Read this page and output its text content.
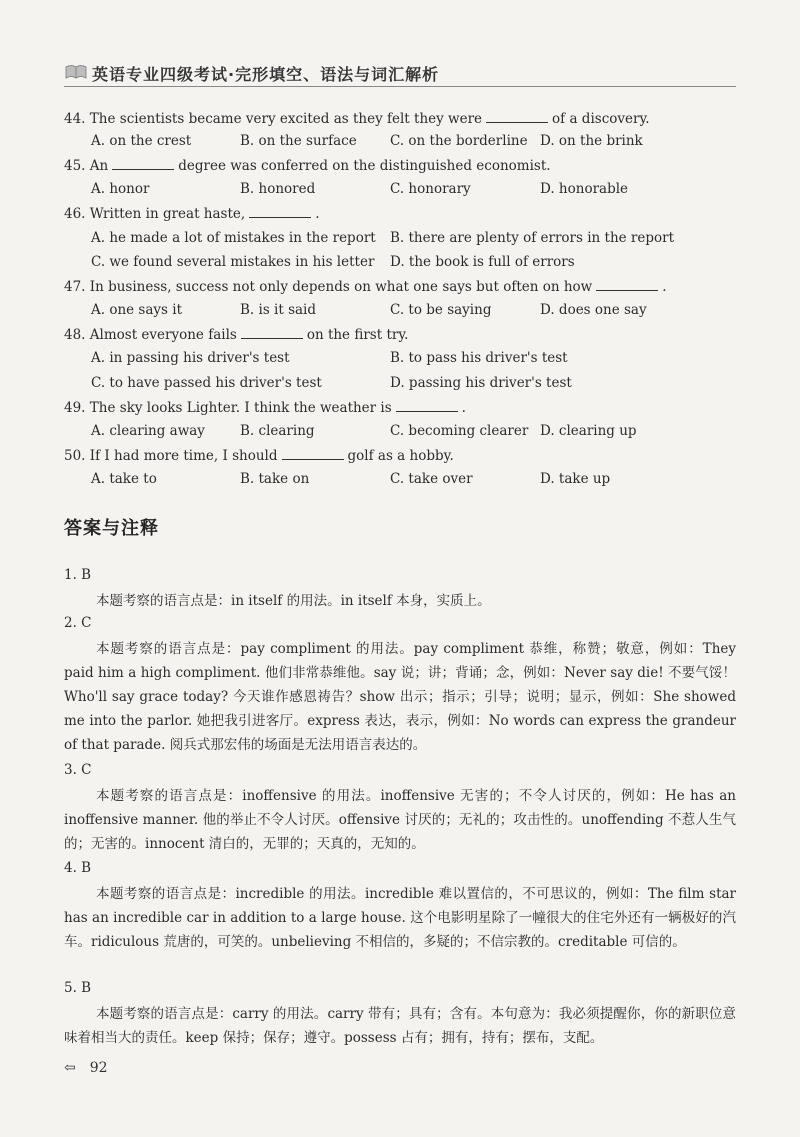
英语专业四级考试·完形填空、语法与词汇解析
44. The scientists became very excited as they felt they were	of a discovery.
A. on the crest	B. on the surface C. on the borderline D. on the brink
45. An	degree was conferred on the distinguished economist.
A. honor	B. honored	C. honorary	D. honorable
46. Written in great haste,	.
A. he made a lot of mistakes in the report B. there are plenty of errors in the report
C. we found several mistakes in his letter D. the book is full of errors
47. In business, success not only depends on what one says but often on how	.
A. one says it	B. is it said	C. to be saying	D. does one say
48. Almost everyone fails	on the first try.
A. in passing his driver's test	B. to pass his driver's test
C. to have passed his driver's test	D. passing his driver's test
49. The sky looks Lighter. I think the weather is	.
A. clearing away	B. clearing	C. becoming clearer D. clearing up
50. If I had more time, I should	golf as a hobby.
A. take to	B. take on	C. take over	D. take up
答案与注释
1. B
本题考察的语言点是：in itself 的用法。in itself 本身，实质上。
2. C
本题考察的语言点是：pay compliment 的用法。pay compliment 恭维，称赞；敬意，例如：They paid him a high compliment. 他们非常恭维他。say 说；讲；背诵；念，例如：Never say die! 不要气馁！Who'll say grace today? 今天谁作感恩祷告？show 出示；指示；引导；说明；显示，例如：She showed me into the parlor. 她把我引进客厅。express 表达，表示，例如：No words can express the grandeur of that parade. 阅兵式那宏伟的场面是无法用语言表达的。
3. C
本题考察的语言点是：inoffensive 的用法。inoffensive 无害的；不令人讨厌的，例如：He has an inoffensive manner. 他的举止不令人讨厌。offensive 讨厌的；无礼的；攻击性的。unoffending 不惹人生气的；无害的。innocent 清白的，无罪的；天真的，无知的。
4. B
本题考察的语言点是：incredible 的用法。incredible 难以置信的，不可思议的，例如：The film star has an incredible car in addition to a large house. 这个电影明星除了一幢很大的住宅外还有一辆极好的汽车。ridiculous 荒唐的，可笑的。unbelieving 不相信的，多疑的；不信宗教的。creditable 可信的。
5. B
本题考察的语言点是：carry 的用法。carry 带有；具有；含有。本句意为：我必须提醒你，你的新职位意味着相当大的责任。keep 保持；保存；遵守。possess 占有；拥有，持有；摆布，支配。
⇦ 92
